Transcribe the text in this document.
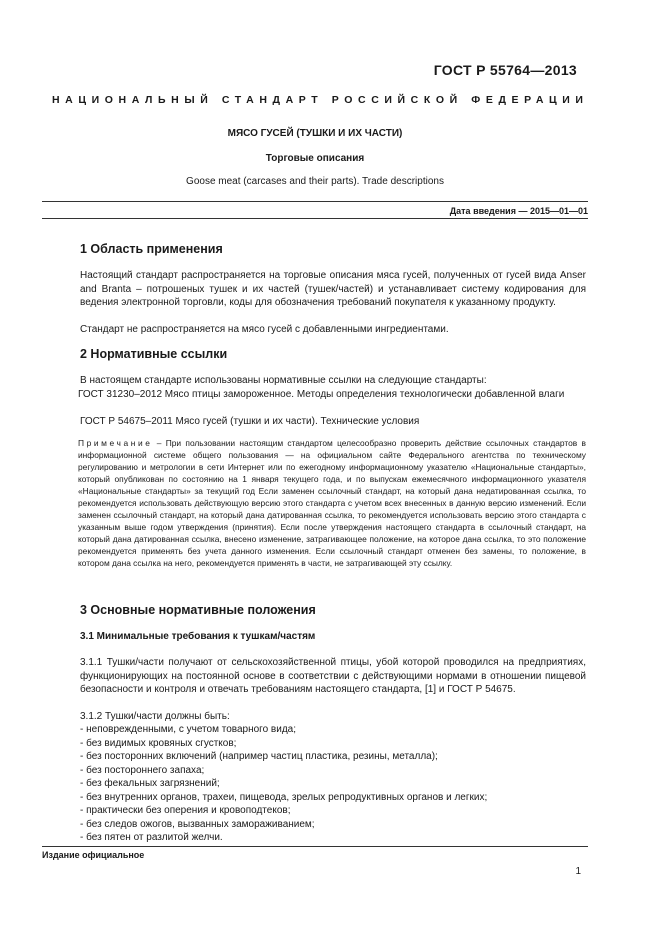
ГОСТ Р 55764—2013
НАЦИОНАЛЬНЫЙ СТАНДАРТ РОССИЙСКОЙ ФЕДЕРАЦИИ
МЯСО ГУСЕЙ (ТУШКИ И ИХ ЧАСТИ)
Торговые описания
Goose meat (carcases and their parts). Trade descriptions
Дата введения — 2015—01—01
1 Область применения
Настоящий стандарт распространяется на торговые описания мяса гусей, полученных от гусей вида Anser and Branta – потрошеных тушек и их частей (тушек/частей) и устанавливает систему кодирования для ведения электронной торговли, коды для обозначения требований покупателя к указанному продукту.
Стандарт не распространяется на мясо гусей с добавленными ингредиентами.
2 Нормативные ссылки
В настоящем стандарте использованы нормативные ссылки на следующие стандарты:
ГОСТ 31230–2012 Мясо птицы замороженное. Методы определения технологически добавленной влаги
ГОСТ Р 54675–2011 Мясо гусей (тушки и их части). Технические условия
Примечание – При пользовании настоящим стандартом целесообразно проверить действие ссылочных стандартов в информационной системе общего пользования — на официальном сайте Федерального агентства по техническому регулированию и метрологии в сети Интернет или по ежегодному информационному указателю «Национальные стандарты», который опубликован по состоянию на 1 января текущего года, и по выпускам ежемесячного информационного указателя «Национальные стандарты» за текущий год Если заменен ссылочный стандарт, на который дана недатированная ссылка, то рекомендуется использовать действующую версию этого стандарта с учетом всех внесенных в данную версию изменений. Если заменен ссылочный стандарт, на который дана датированная ссылка, то рекомендуется использовать версию этого стандарта с указанным выше годом утверждения (принятия). Если после утверждения настоящего стандарта в ссылочный стандарт, на который дана датированная ссылка, внесено изменение, затрагивающее положение, на которое дана ссылка, то это положение рекомендуется применять без учета данного изменения. Если ссылочный стандарт отменен без замены, то положение, в котором дана ссылка на него, рекомендуется применять в части, не затрагивающей эту ссылку.
3 Основные нормативные положения
3.1 Минимальные требования к тушкам/частям
3.1.1 Тушки/части получают от сельскохозяйственной птицы, убой которой проводился на предприятиях, функционирующих на постоянной основе в соответствии с действующими нормами в отношении пищевой безопасности и контроля и отвечать требованиям настоящего стандарта, [1] и ГОСТ Р 54675.
3.1.2 Тушки/части должны быть:
- неповрежденными, с учетом товарного вида;
- без видимых кровяных сгустков;
- без посторонних включений (например частиц пластика, резины, металла);
- без постороннего запаха;
- без фекальных загрязнений;
- без внутренних органов, трахеи, пищевода, зрелых репродуктивных органов и легких;
- практически без оперения и кровоподтеков;
- без следов ожогов, вызванных замораживанием;
- без пятен от разлитой желчи.
Издание официальное
1
